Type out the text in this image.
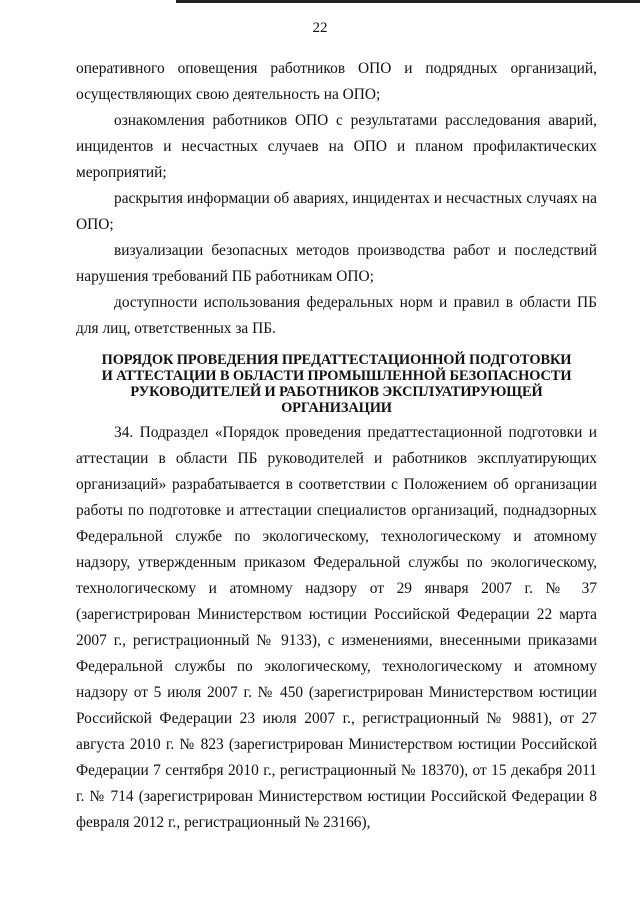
22

оперативного оповещения работников ОПО и подрядных организаций, осуществляющих свою деятельность на ОПО;

ознакомления работников ОПО с результатами расследования аварий, инцидентов и несчастных случаев на ОПО и планом профилактических мероприятий;

раскрытия информации об авариях, инцидентах и несчастных случаях на ОПО;

визуализации безопасных методов производства работ и последствий нарушения требований ПБ работникам ОПО;

доступности использования федеральных норм и правил в области ПБ для лиц, ответственных за ПБ.

ПОРЯДОК ПРОВЕДЕНИЯ ПРЕДАТТЕСТАЦИОННОЙ ПОДГОТОВКИ
И АТТЕСТАЦИИ В ОБЛАСТИ ПРОМЫШЛЕННОЙ БЕЗОПАСНОСТИ
РУКОВОДИТЕЛЕЙ И РАБОТНИКОВ ЭКСПЛУАТИРУЮЩЕЙ ОРГАНИЗАЦИИ

34. Подраздел «Порядок проведения предаттестационной подготовки и аттестации в области ПБ руководителей и работников эксплуатирующих организаций» разрабатывается в соответствии с Положением об организации работы по подготовке и аттестации специалистов организаций, поднадзорных Федеральной службе по экологическому, технологическому и атомному надзору, утвержденным приказом Федеральной службы по экологическому, технологическому и атомному надзору от 29 января 2007 г. № 37 (зарегистрирован Министерством юстиции Российской Федерации 22 марта 2007 г., регистрационный № 9133), с изменениями, внесенными приказами Федеральной службы по экологическому, технологическому и атомному надзору от 5 июля 2007 г. № 450 (зарегистрирован Министерством юстиции Российской Федерации 23 июля 2007 г., регистрационный № 9881), от 27 августа 2010 г. № 823 (зарегистрирован Министерством юстиции Российской Федерации 7 сентября 2010 г., регистрационный № 18370), от 15 декабря 2011 г. № 714 (зарегистрирован Министерством юстиции Российской Федерации 8 февраля 2012 г., регистрационный № 23166),
